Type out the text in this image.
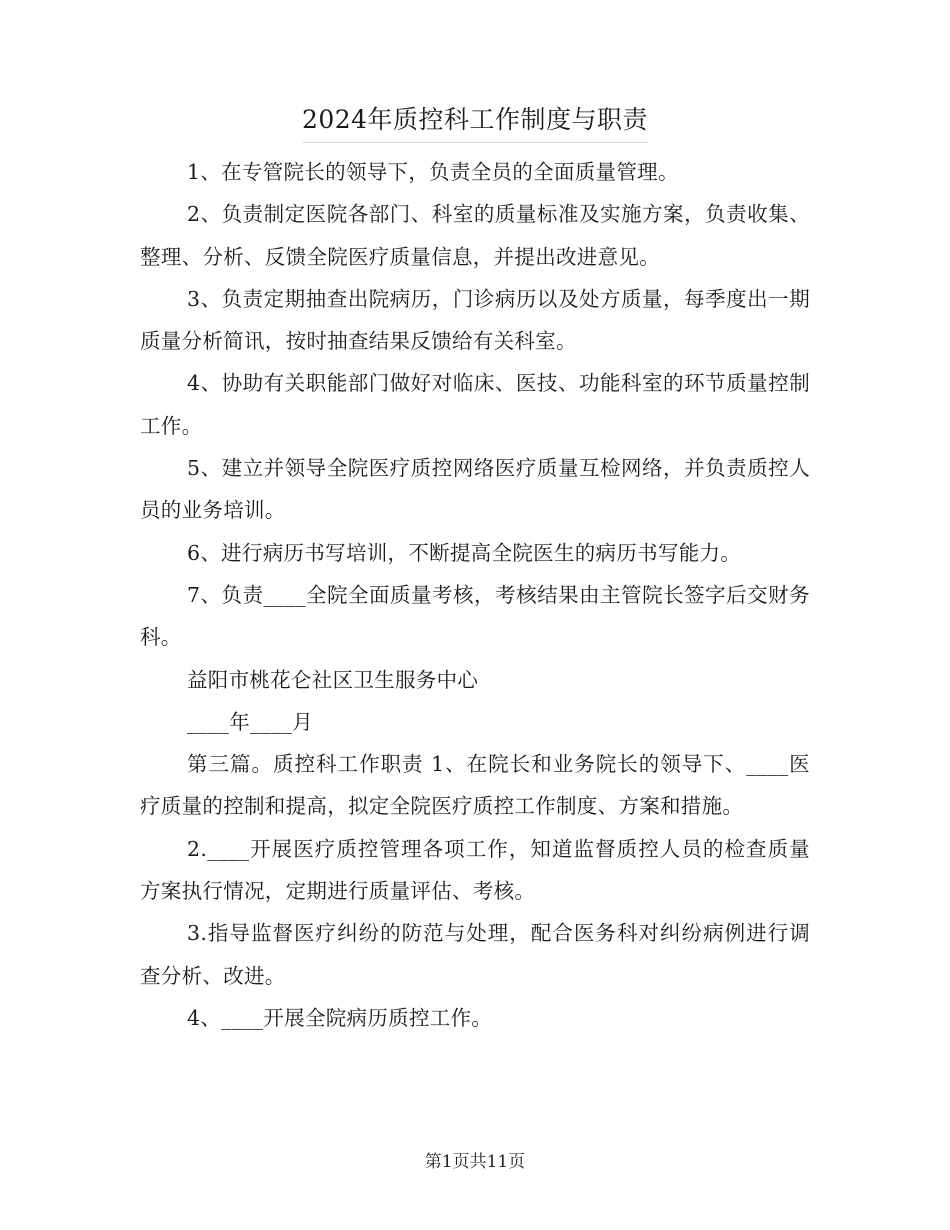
2024年质控科工作制度与职责

1、在专管院长的领导下，负责全员的全面质量管理。

2、负责制定医院各部门、科室的质量标准及实施方案，负责收集、整理、分析、反馈全院医疗质量信息，并提出改进意见。

3、负责定期抽查出院病历，门诊病历以及处方质量，每季度出一期质量分析简讯，按时抽查结果反馈给有关科室。

4、协助有关职能部门做好对临床、医技、功能科室的环节质量控制工作。

5、建立并领导全院医疗质控网络医疗质量互检网络，并负责质控人员的业务培训。

6、进行病历书写培训，不断提高全院医生的病历书写能力。

7、负责____全院全面质量考核，考核结果由主管院长签字后交财务科。

益阳市桃花仑社区卫生服务中心

____年____月

第三篇。质控科工作职责 1、在院长和业务院长的领导下、____医疗质量的控制和提高，拟定全院医疗质控工作制度、方案和措施。

2.____开展医疗质控管理各项工作，知道监督质控人员的检查质量方案执行情况，定期进行质量评估、考核。

3.指导监督医疗纠纷的防范与处理，配合医务科对纠纷病例进行调查分析、改进。

4、____开展全院病历质控工作。

第1页共11页
